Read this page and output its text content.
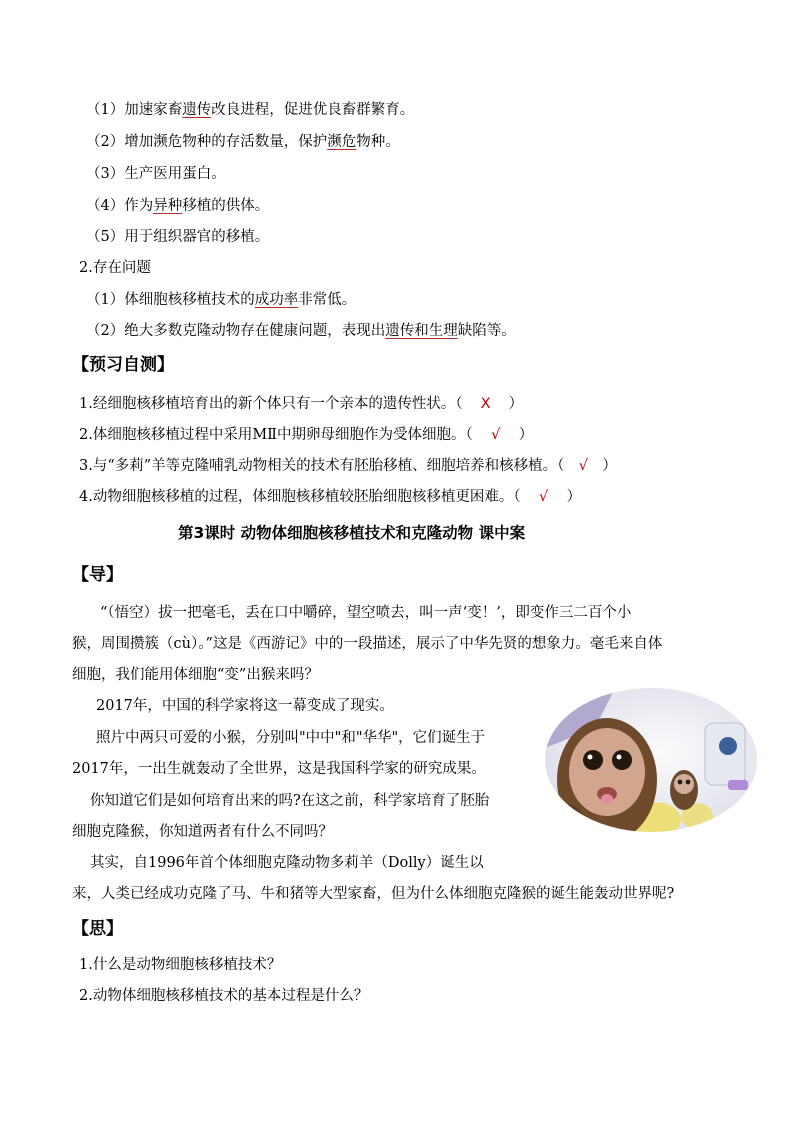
（1）加速家畜遗传改良进程，促进优良畜群繁育。
（2）增加濒危物种的存活数量，保护濒危物种。
（3）生产医用蛋白。
（4）作为异种移植的供体。
（5）用于组织器官的移植。
2.存在问题
（1）体细胞核移植技术的成功率非常低。
（2）绝大多数克隆动物存在健康问题，表现出遗传和生理缺陷等。
【预习自测】
1.经细胞核移植培育出的新个体只有一个亲本的遗传性状。（ X ）
2.体细胞核移植过程中采用MⅡ中期卵母细胞作为受体细胞。（ √ ）
3.与“多莉”羊等克隆哺乳动物相关的技术有胚胎移植、细胞培养和核移植。（ √ ）
4.动物细胞核移植的过程，体细胞核移植较胚胎细胞核移植更困难。（ √ ）
第3课时 动物体细胞核移植技术和克隆动物 课中案
【导】
“（悟空）拔一把毫毛，丢在口中嚼碎，望空喷去，叫一声‘变！’，即变作三二百个小
猴，周围攒簇（cù）。”这是《西游记》中的一段描述，展示了中华先贤的想象力。毫毛来自体
细胞，我们能用体细胞“变”出猴来吗？
2017年，中国的科学家将这一幕变成了现实。
照片中两只可爱的小猴，分别叫"中中"和"华华"，它们诞生于
2017年，一出生就轰动了全世界，这是我国科学家的研究成果。
你知道它们是如何培育出来的吗?在这之前，科学家培育了胚胎
细胞克隆猴，你知道两者有什么不同吗？
其实，自1996年首个体细胞克隆动物多莉羊（Dolly）诞生以
来，人类已经成功克隆了马、牛和猪等大型家畜，但为什么体细胞克隆猴的诞生能轰动世界呢?
【思】
1.什么是动物细胞核移植技术？
2.动物体细胞核移植技术的基本过程是什么？
